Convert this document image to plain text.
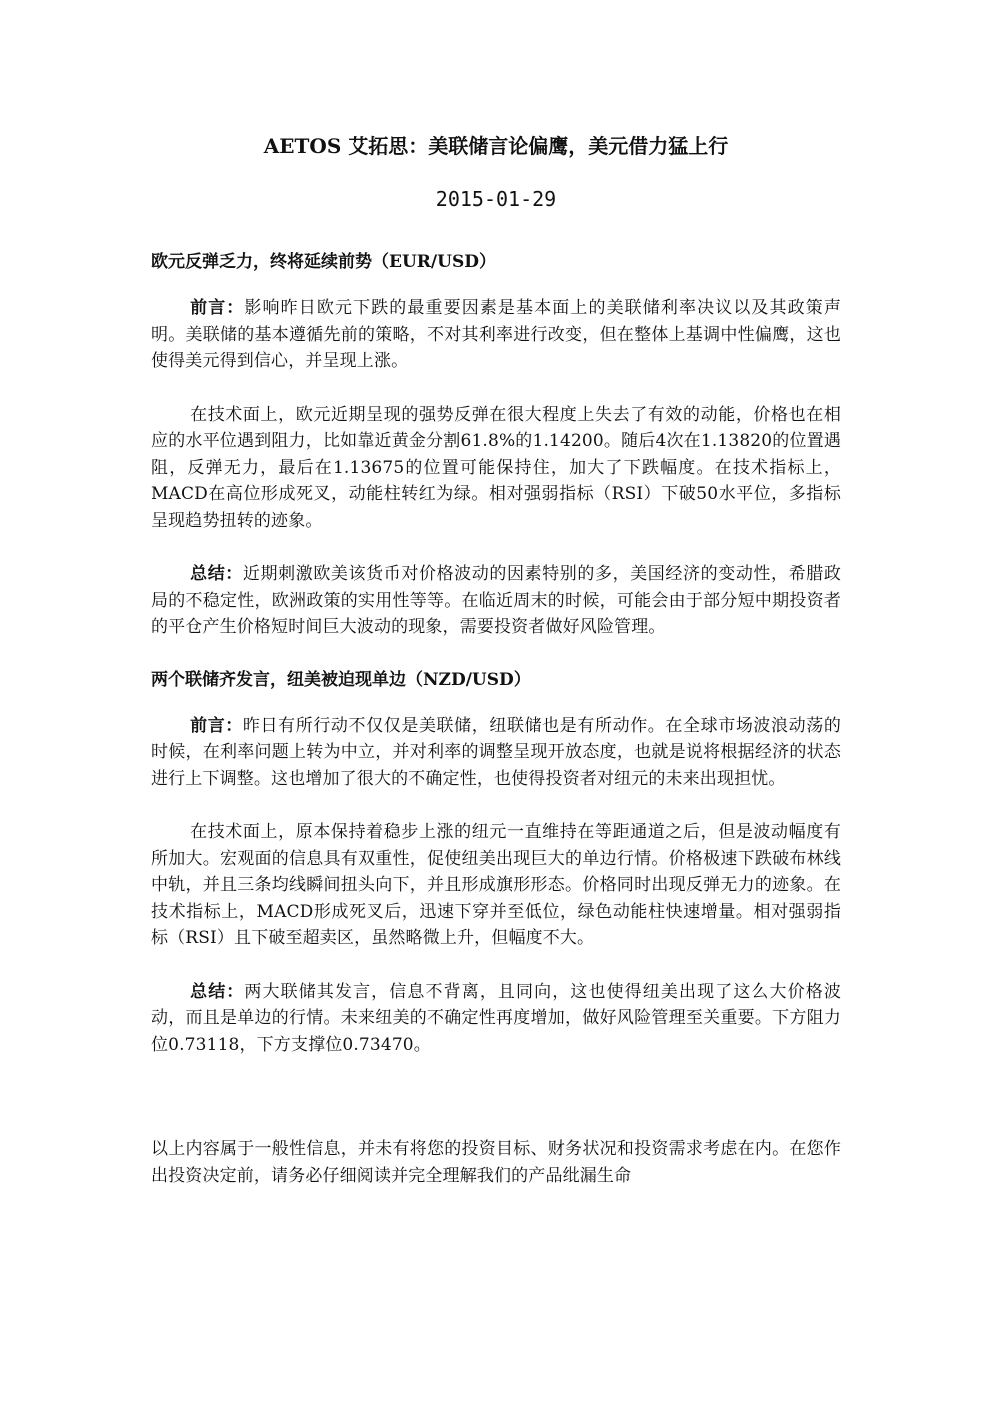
AETOS 艾拓思：美联储言论偏鹰，美元借力猛上行
2015-01-29
欧元反弹乏力，终将延续前势（EUR/USD）

前言：影响昨日欧元下跌的最重要因素是基本面上的美联储利率决议以及其政策声明。美联储的基本遵循先前的策略，不对其利率进行改变，但在整体上基调中性偏鹰，这也使得美元得到信心，并呈现上涨。

在技术面上，欧元近期呈现的强势反弹在很大程度上失去了有效的动能，价格也在相应的水平位遇到阻力，比如靠近黄金分割61.8%的1.14200。随后4次在1.13820的位置遇阻，反弹无力，最后在1.13675的位置可能保持住，加大了下跌幅度。在技术指标上，MACD在高位形成死叉，动能柱转红为绿。相对强弱指标（RSI）下破50水平位，多指标呈现趋势扭转的迹象。

总结：近期刺激欧美该货币对价格波动的因素特别的多，美国经济的变动性，希腊政局的不稳定性，欧洲政策的实用性等等。在临近周末的时候，可能会由于部分短中期投资者的平仓产生价格短时间巨大波动的现象，需要投资者做好风险管理。

两个联储齐发言，纽美被迫现单边（NZD/USD）

前言：昨日有所行动不仅仅是美联储，纽联储也是有所动作。在全球市场波浪动荡的时候，在利率问题上转为中立，并对利率的调整呈现开放态度，也就是说将根据经济的状态进行上下调整。这也增加了很大的不确定性，也使得投资者对纽元的未来出现担忧。

在技术面上，原本保持着稳步上涨的纽元一直维持在等距通道之后，但是波动幅度有所加大。宏观面的信息具有双重性，促使纽美出现巨大的单边行情。价格极速下跌破布林线中轨，并且三条均线瞬间扭头向下，并且形成旗形形态。价格同时出现反弹无力的迹象。在技术指标上，MACD形成死叉后，迅速下穿并至低位，绿色动能柱快速增量。相对强弱指标（RSI）且下破至超卖区，虽然略微上升，但幅度不大。

总结：两大联储其发言，信息不背离，且同向，这也使得纽美出现了这么大价格波动，而且是单边的行情。未来纽美的不确定性再度增加，做好风险管理至关重要。下方阻力位0.73118，下方支撑位0.73470。

以上内容属于一般性信息，并未有将您的投资目标、财务状况和投资需求考虑在内。在您作出投资决定前，请务必仔细阅读并完全理解我们的产品纰漏生命
